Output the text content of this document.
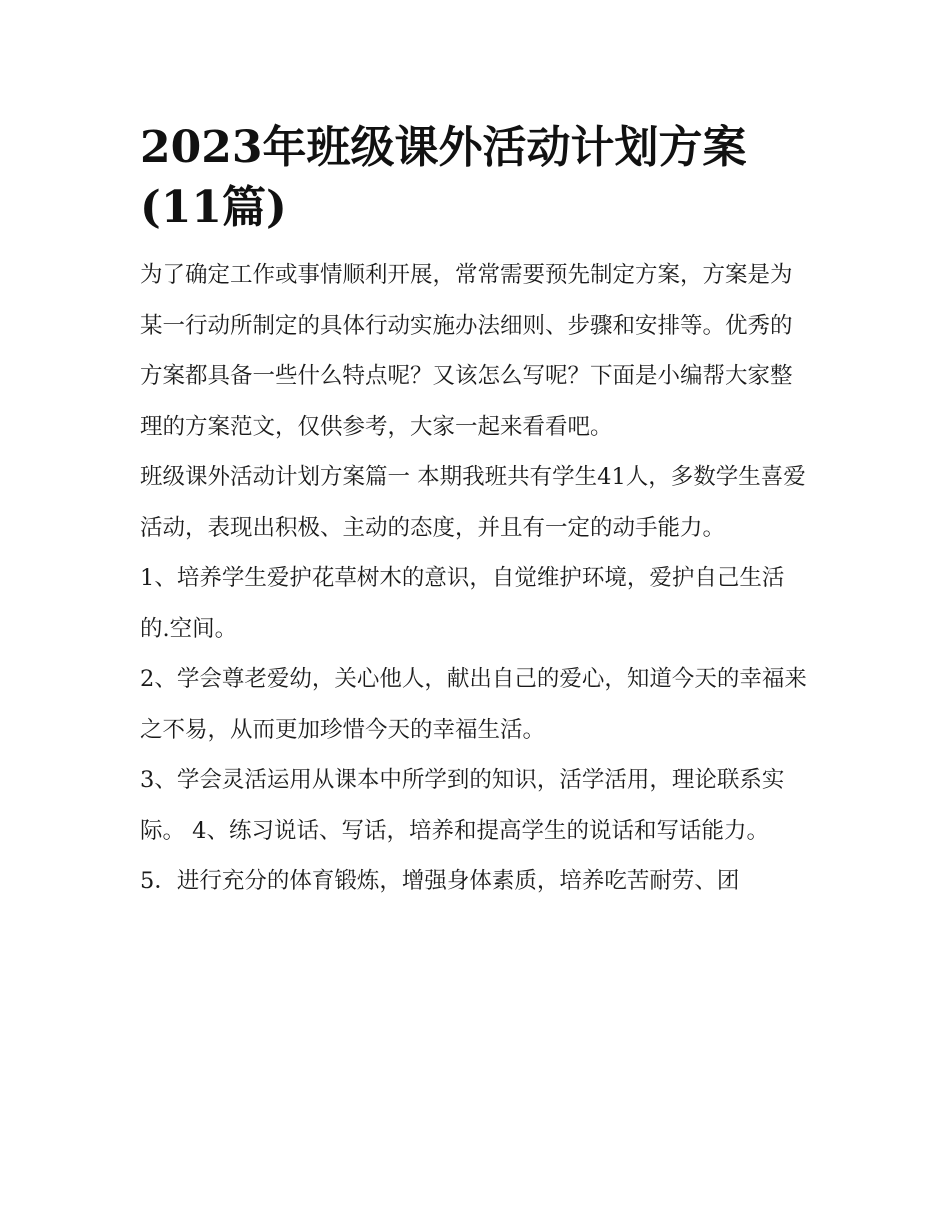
2023年班级课外活动计划方案(11篇)

为了确定工作或事情顺利开展，常常需要预先制定方案，方案是为某一行动所制定的具体行动实施办法细则、步骤和安排等。优秀的方案都具备一些什么特点呢？又该怎么写呢？下面是小编帮大家整理的方案范文，仅供参考，大家一起来看看吧。

班级课外活动计划方案篇一 本期我班共有学生41人，多数学生喜爱活动，表现出积极、主动的态度，并且有一定的动手能力。

1、培养学生爱护花草树木的意识，自觉维护环境，爱护自己生活的.空间。

2、学会尊老爱幼，关心他人，献出自己的爱心，知道今天的幸福来之不易，从而更加珍惜今天的幸福生活。

3、学会灵活运用从课本中所学到的知识，活学活用，理论联系实际。 4、练习说话、写话，培养和提高学生的说话和写话能力。

5．进行充分的体育锻炼，增强身体素质，培养吃苦耐劳、团
